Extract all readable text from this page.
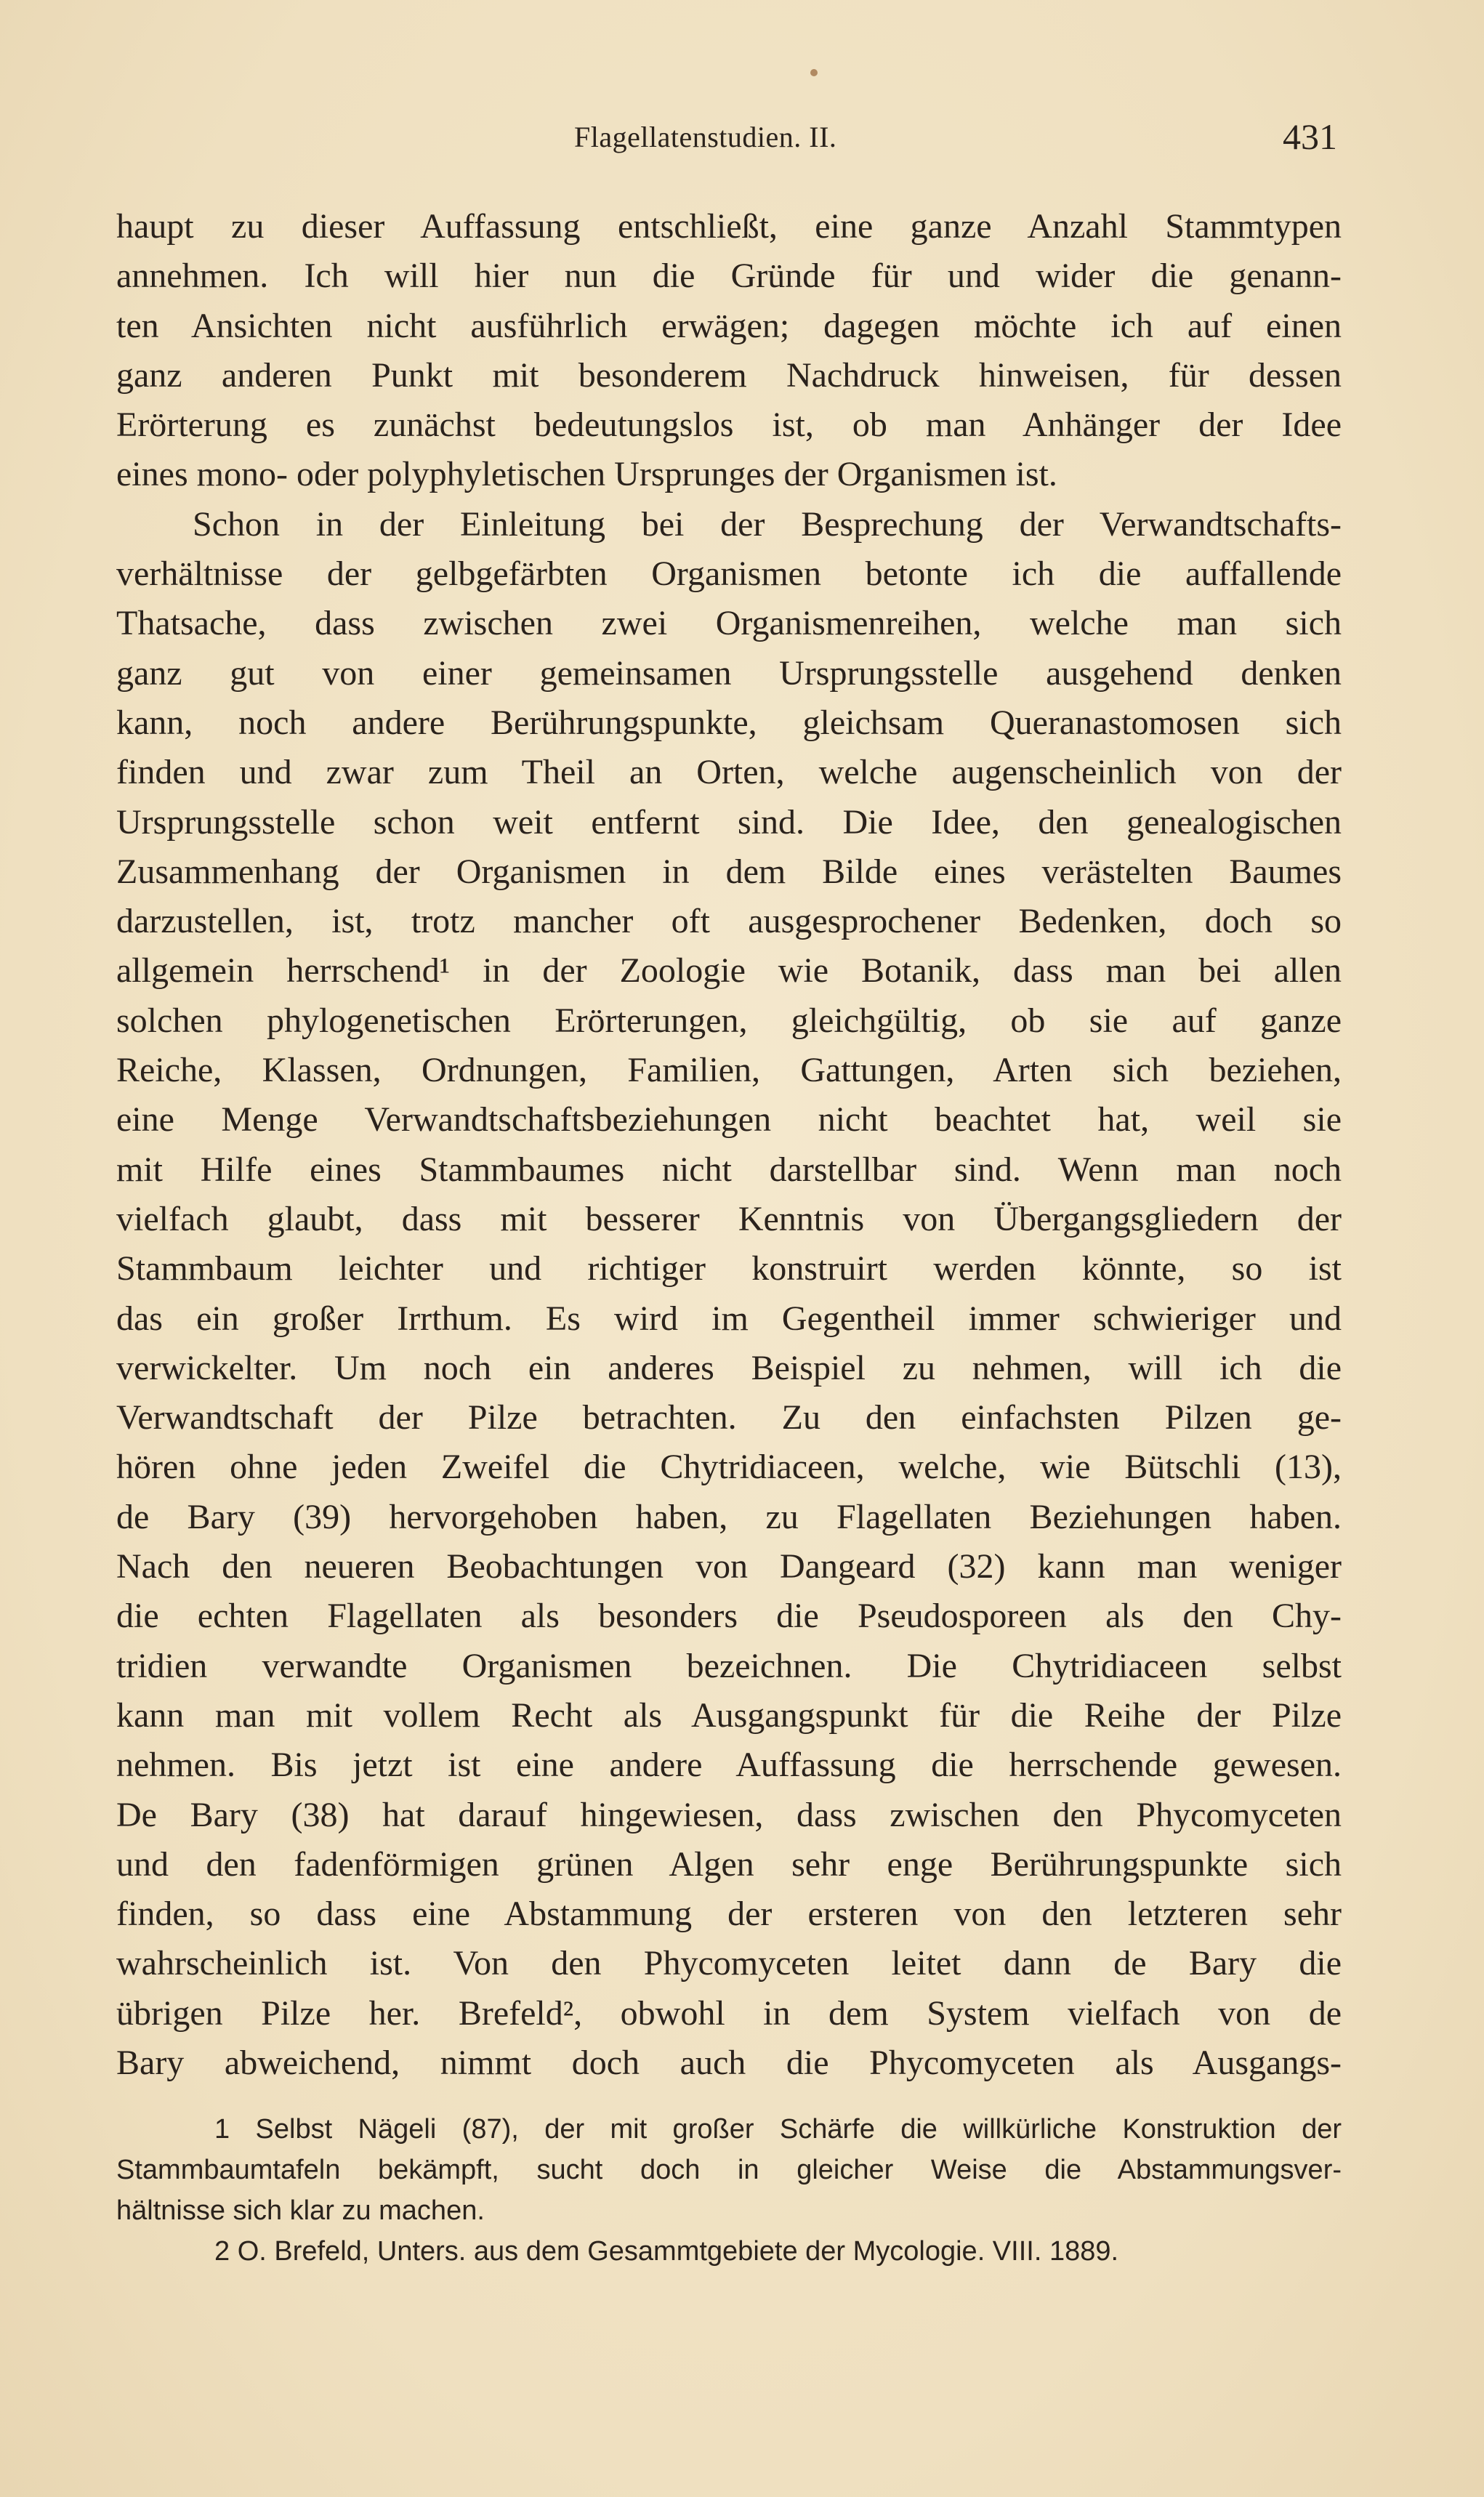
Flagellatenstudien. II.	431
haupt zu dieser Auffassung entschließt, eine ganze Anzahl Stammtypen
annehmen. Ich will hier nun die Gründe für und wider die genann-
ten Ansichten nicht ausführlich erwägen; dagegen möchte ich auf einen
ganz anderen Punkt mit besonderem Nachdruck hinweisen, für dessen
Erörterung es zunächst bedeutungslos ist, ob man Anhänger der Idee
eines mono- oder polyphyletischen Ursprunges der Organismen ist.
Schon in der Einleitung bei der Besprechung der Verwandtschafts-
verhältnisse der gelbgefärbten Organismen betonte ich die auffallende
Thatsache, dass zwischen zwei Organismenreihen, welche man sich
ganz gut von einer gemeinsamen Ursprungsstelle ausgehend denken
kann, noch andere Berührungspunkte, gleichsam Queranastomosen sich
finden und zwar zum Theil an Orten, welche augenscheinlich von der
Ursprungsstelle schon weit entfernt sind. Die Idee, den genealogischen
Zusammenhang der Organismen in dem Bilde eines verästelten Baumes
darzustellen, ist, trotz mancher oft ausgesprochener Bedenken, doch so
allgemein herrschend¹ in der Zoologie wie Botanik, dass man bei allen
solchen phylogenetischen Erörterungen, gleichgültig, ob sie auf ganze
Reiche, Klassen, Ordnungen, Familien, Gattungen, Arten sich beziehen,
eine Menge Verwandtschaftsbeziehungen nicht beachtet hat, weil sie
mit Hilfe eines Stammbaumes nicht darstellbar sind. Wenn man noch
vielfach glaubt, dass mit besserer Kenntnis von Übergangsgliedern der
Stammbaum leichter und richtiger konstruirt werden könnte, so ist
das ein großer Irrthum. Es wird im Gegentheil immer schwieriger und
verwickelter. Um noch ein anderes Beispiel zu nehmen, will ich die
Verwandtschaft der Pilze betrachten. Zu den einfachsten Pilzen ge-
hören ohne jeden Zweifel die Chytridiaceen, welche, wie Bütschli (13),
de Bary (39) hervorgehoben haben, zu Flagellaten Beziehungen haben.
Nach den neueren Beobachtungen von Dangeard (32) kann man weniger
die echten Flagellaten als besonders die Pseudosporeen als den Chy-
tridien verwandte Organismen bezeichnen. Die Chytridiaceen selbst
kann man mit vollem Recht als Ausgangspunkt für die Reihe der Pilze
nehmen. Bis jetzt ist eine andere Auffassung die herrschende gewesen.
De Bary (38) hat darauf hingewiesen, dass zwischen den Phycomyceten
und den fadenförmigen grünen Algen sehr enge Berührungspunkte sich
finden, so dass eine Abstammung der ersteren von den letzteren sehr
wahrscheinlich ist. Von den Phycomyceten leitet dann de Bary die
übrigen Pilze her. Brefeld², obwohl in dem System vielfach von de
Bary abweichend, nimmt doch auch die Phycomyceten als Ausgangs-
1 Selbst Nägeli (87), der mit großer Schärfe die willkürliche Konstruktion der
Stammbaumtafeln bekämpft, sucht doch in gleicher Weise die Abstammungsver-
hältnisse sich klar zu machen.
2 O. Brefeld, Unters. aus dem Gesammtgebiete der Mycologie. VIII. 1889.
